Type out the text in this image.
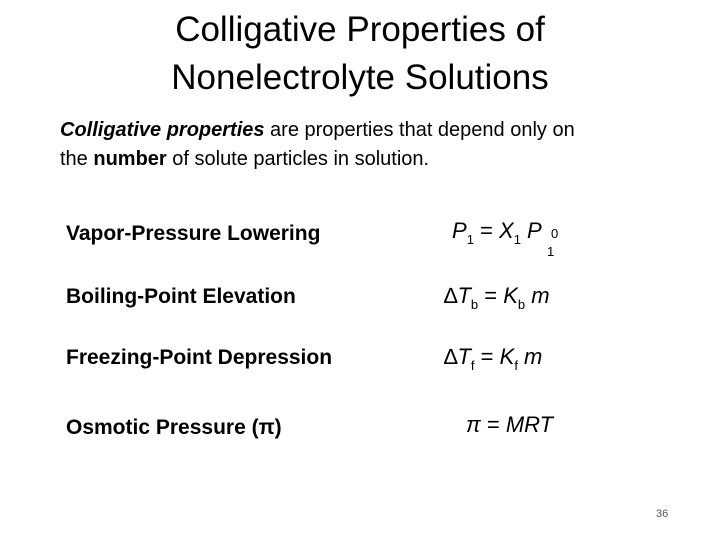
Colligative Properties of
Nonelectrolyte Solutions
Colligative properties are properties that depend only on
the number of solute particles in solution.
Vapor-Pressure Lowering	$P_1 = X_1$ P
1
0
Boiling-Point Elevation	$\Delta T_b = K_b$ m
Freezing-Point Depression	$\Delta T_f = K_f$ m
Osmotic Pressure (π)	π = MRT
36
